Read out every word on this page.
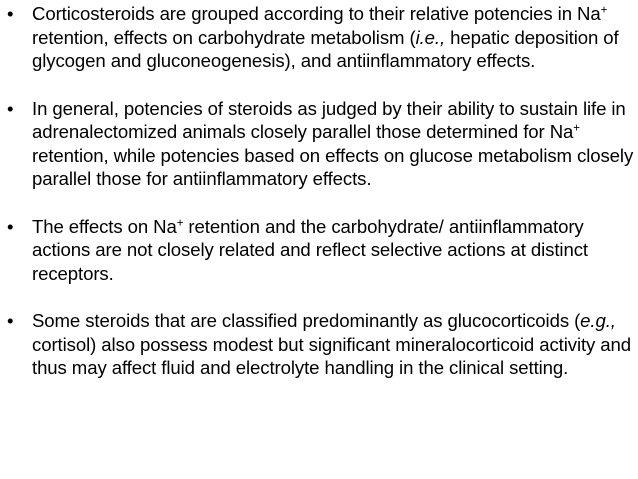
• Corticosteroids are grouped according to their relative potencies in Na+ retention, effects on carbohydrate metabolism (i.e., hepatic deposition of glycogen and gluconeogenesis), and antiinflammatory effects.
• In general, potencies of steroids as judged by their ability to sustain life in adrenalectomized animals closely parallel those determined for Na+ retention, while potencies based on effects on glucose metabolism closely parallel those for antiinflammatory effects.
• The effects on Na+ retention and the carbohydrate/ antiinflammatory actions are not closely related and reflect selective actions at distinct receptors.
• Some steroids that are classified predominantly as glucocorticoids (e.g., cortisol) also possess modest but significant mineralocorticoid activity and thus may affect fluid and electrolyte handling in the clinical setting.
